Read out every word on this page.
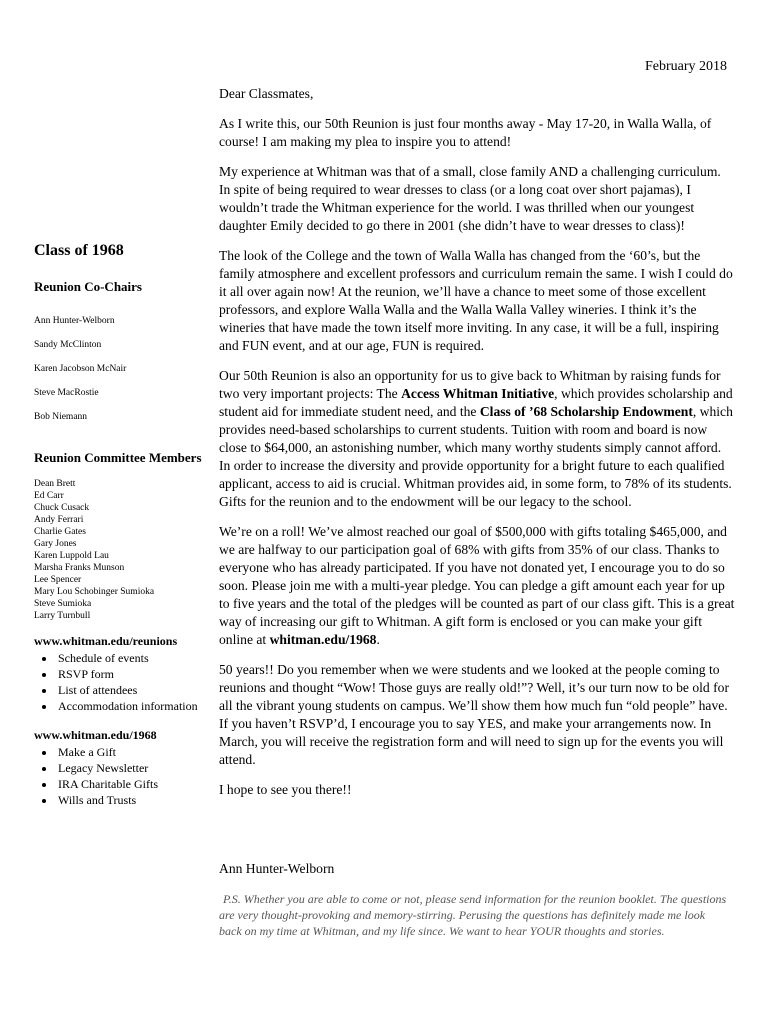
February 2018
Class of 1968
Reunion Co-Chairs
Ann Hunter-Welborn
Sandy McClinton
Karen Jacobson McNair
Steve MacRostie
Bob Niemann
Reunion Committee Members
Dean Brett
Ed Carr
Chuck Cusack
Andy Ferrari
Charlie Gates
Gary Jones
Karen Luppold Lau
Marsha Franks Munson
Lee Spencer
Mary Lou Schobinger Sumioka
Steve Sumioka
Larry Turnbull
www.whitman.edu/reunions
• Schedule of events
• RSVP form
• List of attendees
• Accommodation information
www.whitman.edu/1968
• Make a Gift
• Legacy Newsletter
• IRA Charitable Gifts
• Wills and Trusts

Dear Classmates,

As I write this, our 50th Reunion is just four months away - May 17-20, in Walla Walla, of course! I am making my plea to inspire you to attend!

My experience at Whitman was that of a small, close family AND a challenging curriculum. In spite of being required to wear dresses to class (or a long coat over short pajamas), I wouldn’t trade the Whitman experience for the world. I was thrilled when our youngest daughter Emily decided to go there in 2001 (she didn’t have to wear dresses to class)!

The look of the College and the town of Walla Walla has changed from the ‘60’s, but the family atmosphere and excellent professors and curriculum remain the same. I wish I could do it all over again now! At the reunion, we’ll have a chance to meet some of those excellent professors, and explore Walla Walla and the Walla Walla Valley wineries. I think it’s the wineries that have made the town itself more inviting. In any case, it will be a full, inspiring and FUN event, and at our age, FUN is required.

Our 50th Reunion is also an opportunity for us to give back to Whitman by raising funds for two very important projects: The Access Whitman Initiative, which provides scholarship and student aid for immediate student need, and the Class of ’68 Scholarship Endowment, which provides need-based scholarships to current students. Tuition with room and board is now close to $64,000, an astonishing number, which many worthy students simply cannot afford. In order to increase the diversity and provide opportunity for a bright future to each qualified applicant, access to aid is crucial. Whitman provides aid, in some form, to 78% of its students. Gifts for the reunion and to the endowment will be our legacy to the school.

We’re on a roll! We’ve almost reached our goal of $500,000 with gifts totaling $465,000, and we are halfway to our participation goal of 68% with gifts from 35% of our class. Thanks to everyone who has already participated. If you have not donated yet, I encourage you to do so soon. Please join me with a multi-year pledge. You can pledge a gift amount each year for up to five years and the total of the pledges will be counted as part of our class gift. This is a great way of increasing our gift to Whitman. A gift form is enclosed or you can make your gift online at whitman.edu/1968.

50 years!! Do you remember when we were students and we looked at the people coming to reunions and thought “Wow! Those guys are really old!”? Well, it’s our turn now to be old for all the vibrant young students on campus. We’ll show them how much fun “old people” have. If you haven’t RSVP’d, I encourage you to say YES, and make your arrangements now. In March, you will receive the registration form and will need to sign up for the events you will attend.

I hope to see you there!!

Ann Hunter-Welborn
P.S. Whether you are able to come or not, please send information for the reunion booklet. The questions are very thought-provoking and memory-stirring. Perusing the questions has definitely made me look back on my time at Whitman, and my life since. We want to hear YOUR thoughts and stories.
